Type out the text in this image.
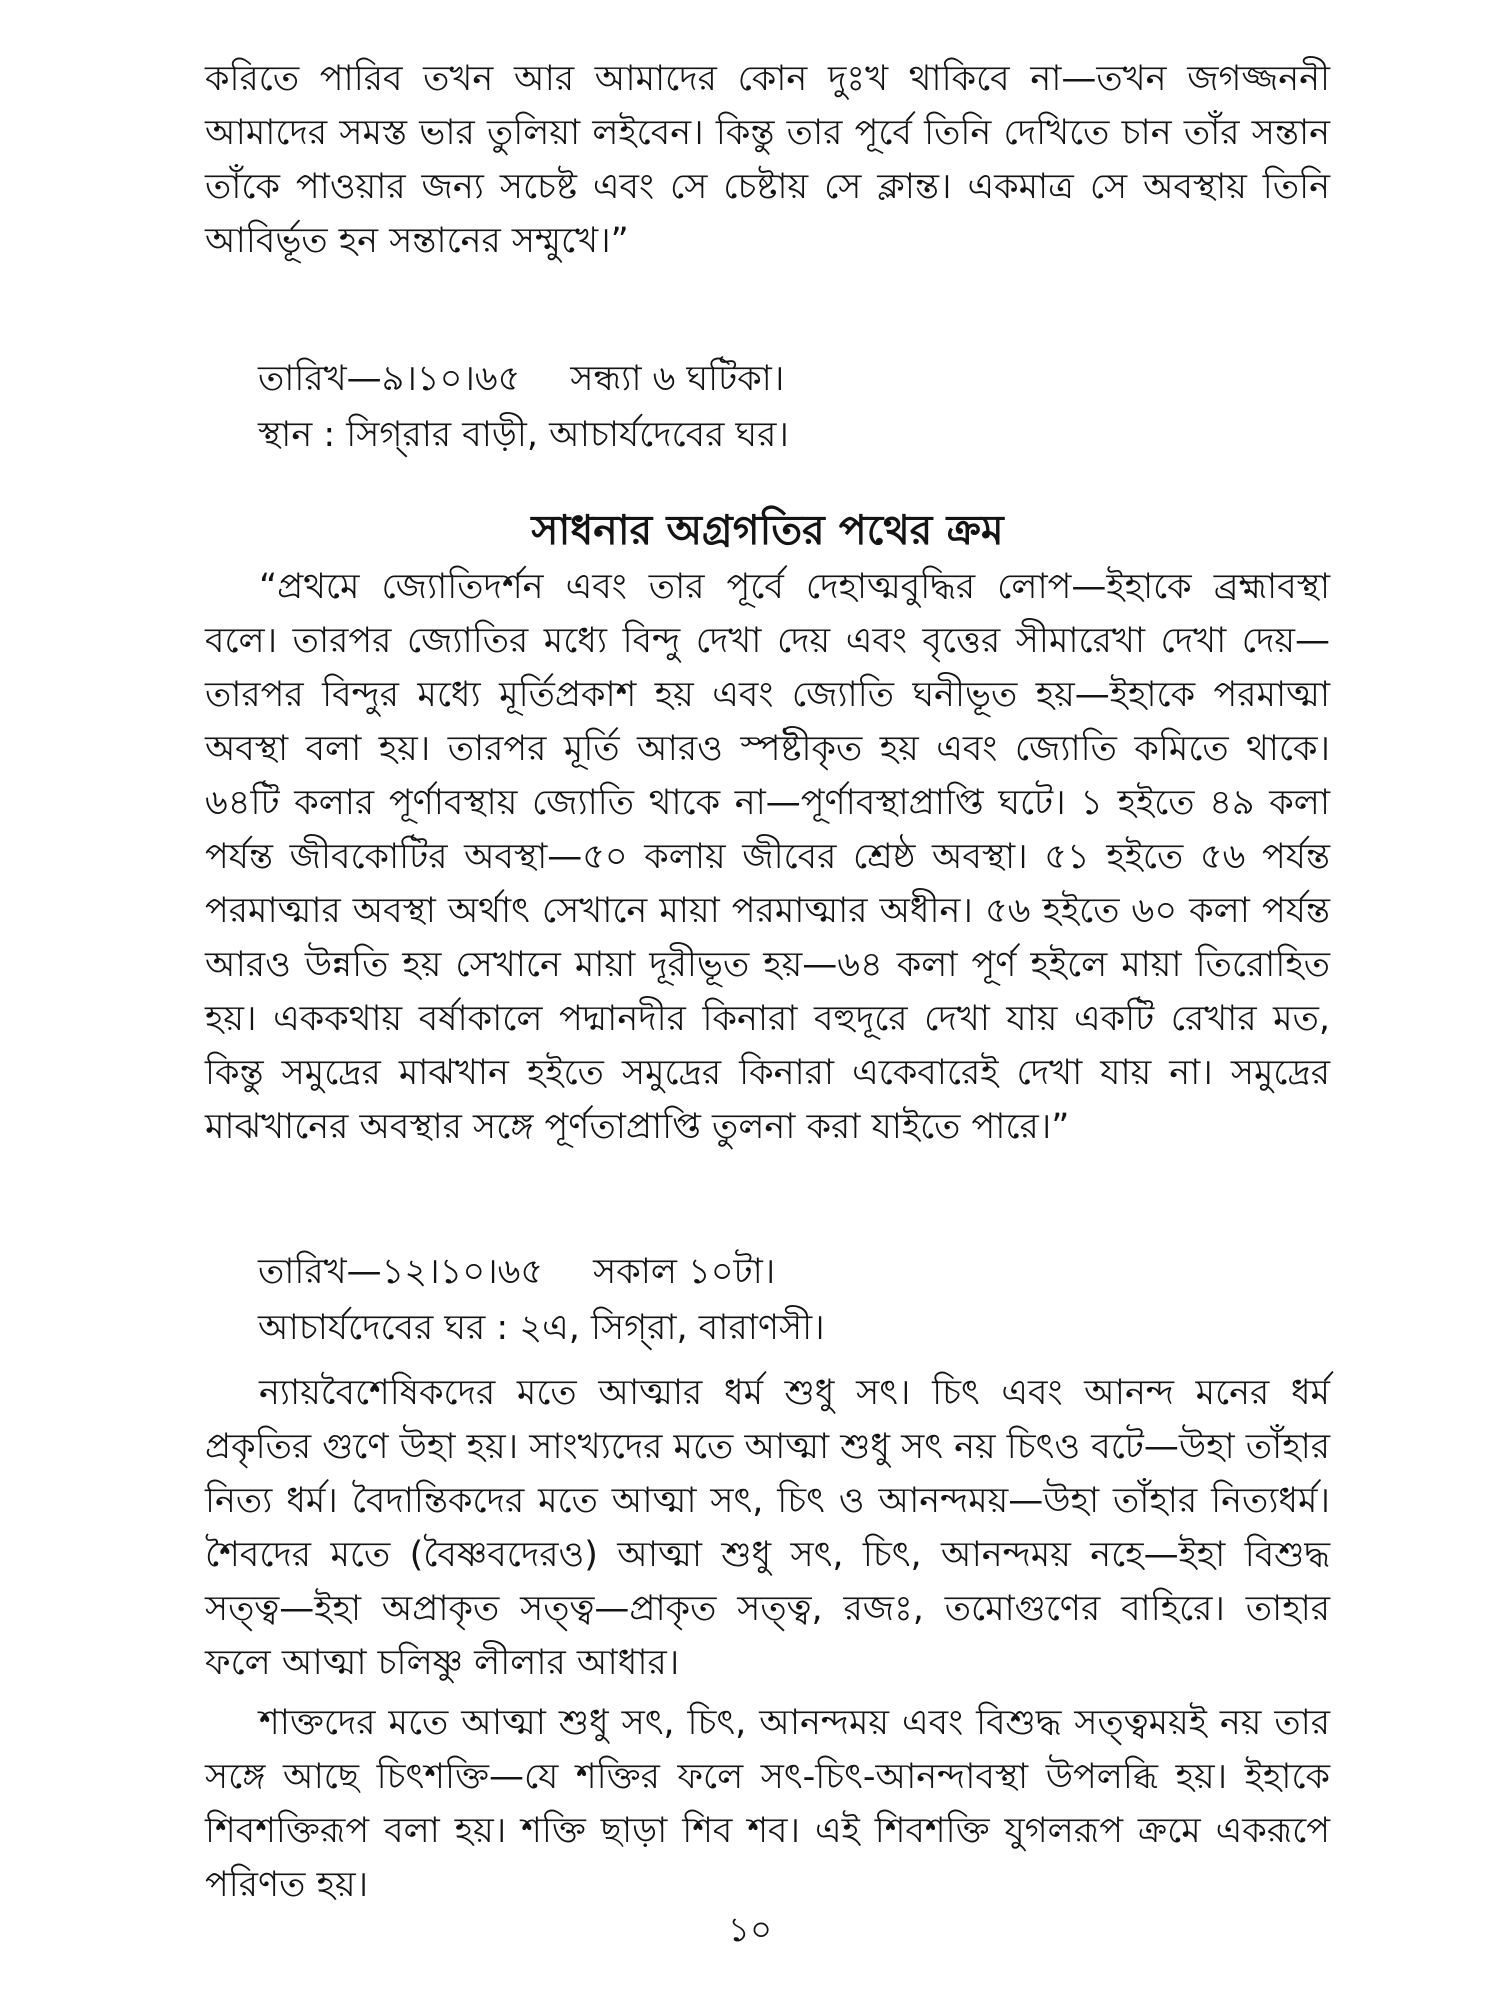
করিতে পারিব তখন আর আমাদের কোন দুঃখ থাকিবে না—তখন জগজ্জননী আমাদের সমস্ত ভার তুলিয়া লইবেন। কিন্তু তার পূর্বে তিনি দেখিতে চান তাঁর সন্তান তাঁকে পাওয়ার জন্য সচেষ্ট এবং সে চেষ্টায় সে ক্লান্ত। একমাত্র সে অবস্থায় তিনি আবির্ভূত হন সন্তানের সম্মুখে।”

তারিখ—৯।১০।৬৫ সন্ধ্যা ৬ ঘটিকা।
স্থান : সিগ্‌রার বাড়ী, আচার্যদেবের ঘর।
সাধনার অগ্রগতির পথের ক্রম

“প্রথমে জ্যোতিদর্শন এবং তার পূর্বে দেহাত্মবুদ্ধির লোপ—ইহাকে ব্রহ্মাবস্থা বলে। তারপর জ্যোতির মধ্যে বিন্দু দেখা দেয় এবং বৃত্তের সীমারেখা দেখা দেয়—তারপর বিন্দুর মধ্যে মূর্তিপ্রকাশ হয় এবং জ্যোতি ঘনীভূত হয়—ইহাকে পরমাত্মা অবস্থা বলা হয়। তারপর মূর্তি আরও স্পষ্টীকৃত হয় এবং জ্যোতি কমিতে থাকে। ৬৪টি কলার পূর্ণাবস্থায় জ্যোতি থাকে না—পূর্ণাবস্থাপ্রাপ্তি ঘটে। ১ হইতে ৪৯ কলা পর্যন্ত জীবকোটির অবস্থা—৫০ কলায় জীবের শ্রেষ্ঠ অবস্থা। ৫১ হইতে ৫৬ পর্যন্ত পরমাত্মার অবস্থা অর্থাৎ সেখানে মায়া পরমাত্মার অধীন। ৫৬ হইতে ৬০ কলা পর্যন্ত আরও উন্নতি হয় সেখানে মায়া দূরীভূত হয়—৬৪ কলা পূর্ণ হইলে মায়া তিরোহিত হয়। এককথায় বর্ষাকালে পদ্মানদীর কিনারা বহুদূরে দেখা যায় একটি রেখার মত, কিন্তু সমুদ্রের মাঝখান হইতে সমুদ্রের কিনারা একেবারেই দেখা যায় না। সমুদ্রের মাঝখানের অবস্থার সঙ্গে পূর্ণতাপ্রাপ্তি তুলনা করা যাইতে পারে।”

তারিখ—১২।১০।৬৫ সকাল ১০টা।
আচার্যদেবের ঘর : ২এ, সিগ্‌রা, বারাণসী।

ন্যায়বৈশেষিকদের মতে আত্মার ধর্ম শুধু সৎ। চিৎ এবং আনন্দ মনের ধর্ম প্রকৃতির গুণে উহা হয়। সাংখ্যদের মতে আত্মা শুধু সৎ নয় চিৎও বটে—উহা তাঁহার নিত্য ধর্ম। বৈদান্তিকদের মতে আত্মা সৎ, চিৎ ও আনন্দময়—উহা তাঁহার নিত্যধর্ম। শৈবদের মতে (বৈষ্ণবদেরও) আত্মা শুধু সৎ, চিৎ, আনন্দময় নহে—ইহা বিশুদ্ধ সত্ত্ব—ইহা অপ্রাকৃত সত্ত্ব—প্রাকৃত সত্ত্ব, রজঃ, তমোগুণের বাহিরে। তাহার ফলে আত্মা চলিষ্ণু লীলার আধার।

শাক্তদের মতে আত্মা শুধু সৎ, চিৎ, আনন্দময় এবং বিশুদ্ধ সত্ত্বময়ই নয় তার সঙ্গে আছে চিৎশক্তি—যে শক্তির ফলে সৎ-চিৎ-আনন্দাবস্থা উপলব্ধি হয়। ইহাকে শিবশক্তিরূপ বলা হয়। শক্তি ছাড়া শিব শব। এই শিবশক্তি যুগলরূপ ক্রমে একরূপে পরিণত হয়।

১০
